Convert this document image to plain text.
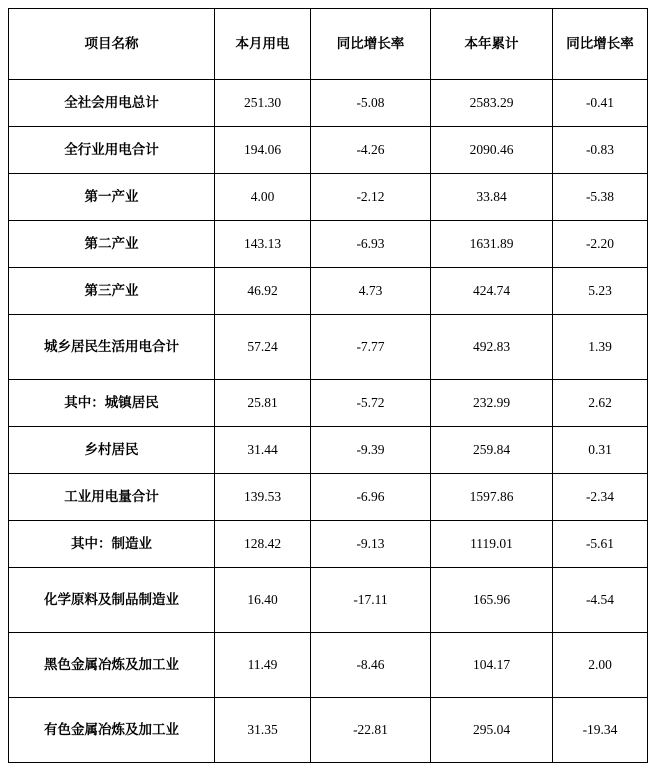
项目名称	本月用电	同比增长率	本年累计	同比增长率
全社会用电总计	251.30	-5.08	2583.29	-0.41
全行业用电合计	194.06	-4.26	2090.46	-0.83
第一产业	4.00	-2.12	33.84	-5.38
第二产业	143.13	-6.93	1631.89	-2.20
第三产业	46.92	4.73	424.74	5.23
城乡居民生活用电合计	57.24	-7.77	492.83	1.39
其中：城镇居民	25.81	-5.72	232.99	2.62
乡村居民	31.44	-9.39	259.84	0.31
工业用电量合计	139.53	-6.96	1597.86	-2.34
其中：制造业	128.42	-9.13	1119.01	-5.61
化学原料及制品制造业	16.40	-17.11	165.96	-4.54
黑色金属冶炼及加工业	11.49	-8.46	104.17	2.00
有色金属冶炼及加工业	31.35	-22.81	295.04	-19.34
